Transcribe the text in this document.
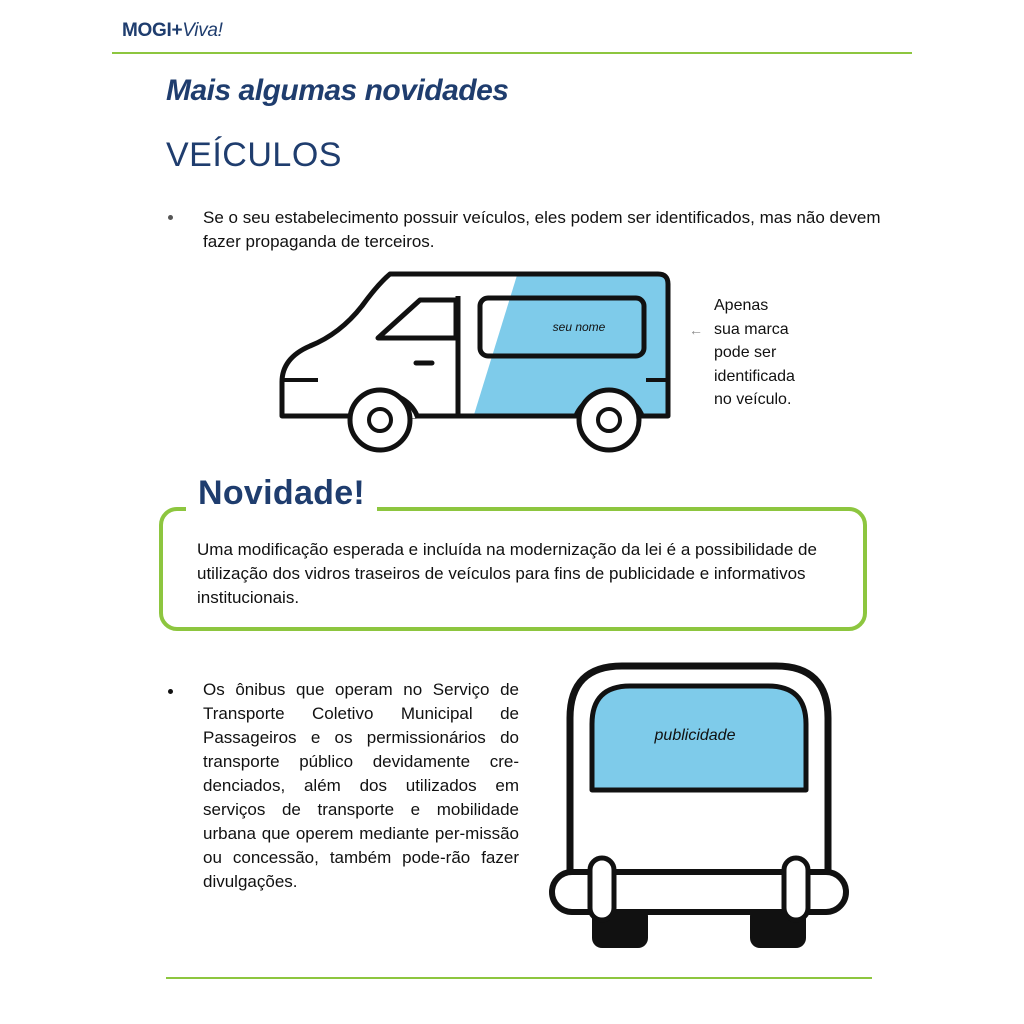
MOGI+Viva!
Mais algumas novidades
VEÍCULOS
Se o seu estabelecimento possuir veículos, eles podem ser identificados, mas não devem fazer propaganda de terceiros.
seu nome	←
Apenas
sua marca
pode ser
identificada
no veículo.
Novidade!
Uma modificação esperada e incluída na modernização da lei é a possibilidade de utilização dos vidros traseiros de veículos para fins de publicidade e informativos institucionais.
Os ônibus que operam no Serviço de Transporte Coletivo Municipal de Passageiros e os permissionários do transporte público devidamente cre-denciados, além dos utilizados em serviços de transporte e mobilidade urbana que operem mediante per-missão ou concessão, também pode-rão fazer divulgações.
publicidade
